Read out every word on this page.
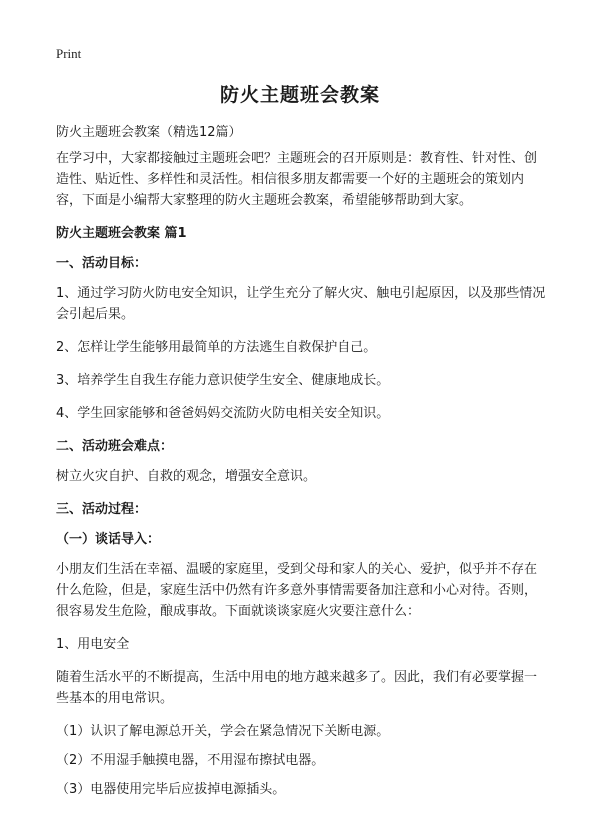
Print
防火主题班会教案
防火主题班会教案（精选12篇）

在学习中，大家都接触过主题班会吧？主题班会的召开原则是：教育性、针对性、创造性、贴近性、多样性和灵活性。相信很多朋友都需要一个好的主题班会的策划内容，下面是小编帮大家整理的防火主题班会教案，希望能够帮助到大家。

防火主题班会教案 篇1

一、活动目标：

1、通过学习防火防电安全知识，让学生充分了解火灾、触电引起原因，以及那些情况会引起后果。

2、怎样让学生能够用最简单的方法逃生自救保护自己。

3、培养学生自我生存能力意识使学生安全、健康地成长。

4、学生回家能够和爸爸妈妈交流防火防电相关安全知识。

二、活动班会难点：

树立火灾自护、自救的观念，增强安全意识。

三、活动过程：

（一）谈话导入：

小朋友们生活在幸福、温暖的家庭里，受到父母和家人的关心、爱护，似乎并不存在什么危险，但是，家庭生活中仍然有许多意外事情需要备加注意和小心对待。否则，很容易发生危险，酿成事故。下面就谈谈家庭火灾要注意什么：

1、用电安全

随着生活水平的不断提高，生活中用电的地方越来越多了。因此，我们有必要掌握一些基本的用电常识。

（1）认识了解电源总开关，学会在紧急情况下关断电源。

（2）不用湿手触摸电器，不用湿布擦拭电器。

（3）电器使用完毕后应拔掉电源插头。
